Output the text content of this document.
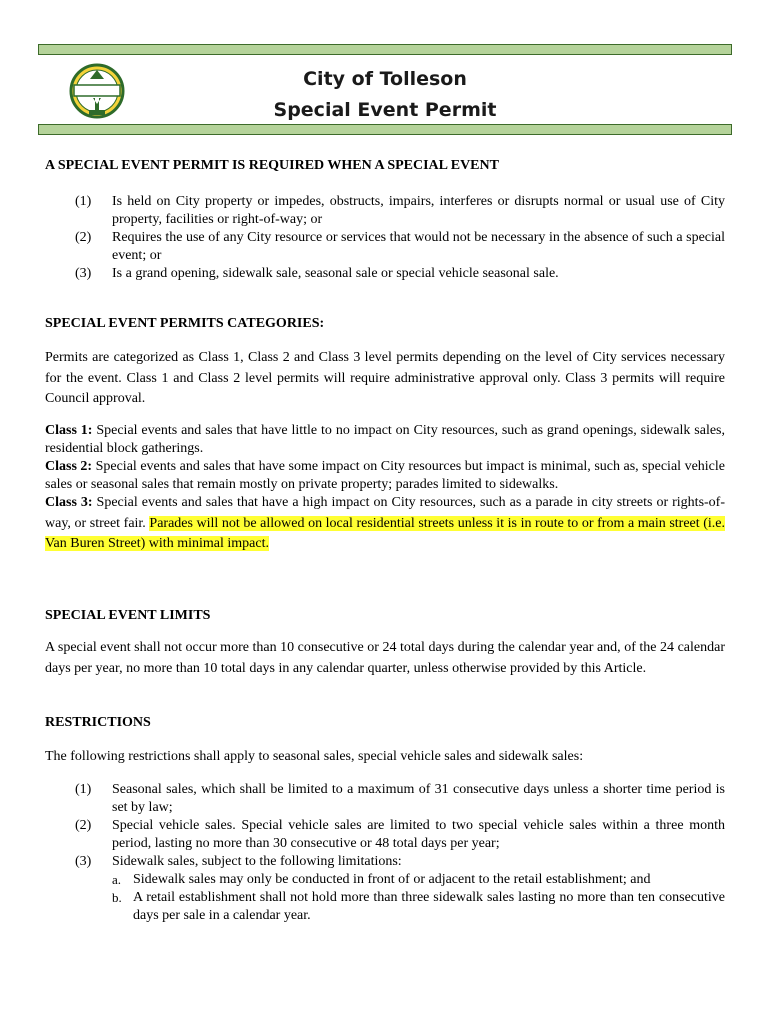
City of Tolleson
Special Event Permit

A SPECIAL EVENT PERMIT IS REQUIRED WHEN A SPECIAL EVENT

(1) Is held on City property or impedes, obstructs, impairs, interferes or disrupts normal or usual use of City property, facilities or right-of-way; or
(2) Requires the use of any City resource or services that would not be necessary in the absence of such a special event; or
(3) Is a grand opening, sidewalk sale, seasonal sale or special vehicle seasonal sale.

SPECIAL EVENT PERMITS CATEGORIES:

Permits are categorized as Class 1, Class 2 and Class 3 level permits depending on the level of City services necessary for the event. Class 1 and Class 2 level permits will require administrative approval only. Class 3 permits will require Council approval.

Class 1: Special events and sales that have little to no impact on City resources, such as grand openings, sidewalk sales, residential block gatherings.

Class 2: Special events and sales that have some impact on City resources but impact is minimal, such as, special vehicle sales or seasonal sales that remain mostly on private property; parades limited to sidewalks.

Class 3: Special events and sales that have a high impact on City resources, such as a parade in city streets or rights-of-way, or street fair. Parades will not be allowed on local residential streets unless it is in route to or from a main street (i.e. Van Buren Street) with minimal impact.

SPECIAL EVENT LIMITS

A special event shall not occur more than 10 consecutive or 24 total days during the calendar year and, of the 24 calendar days per year, no more than 10 total days in any calendar quarter, unless otherwise provided by this Article.

RESTRICTIONS

The following restrictions shall apply to seasonal sales, special vehicle sales and sidewalk sales:

(1) Seasonal sales, which shall be limited to a maximum of 31 consecutive days unless a shorter time period is set by law;
(2) Special vehicle sales. Special vehicle sales are limited to two special vehicle sales within a three month period, lasting no more than 30 consecutive or 48 total days per year;
(3) Sidewalk sales, subject to the following limitations:
a. Sidewalk sales may only be conducted in front of or adjacent to the retail establishment; and
b. A retail establishment shall not hold more than three sidewalk sales lasting no more than ten consecutive days per sale in a calendar year.
